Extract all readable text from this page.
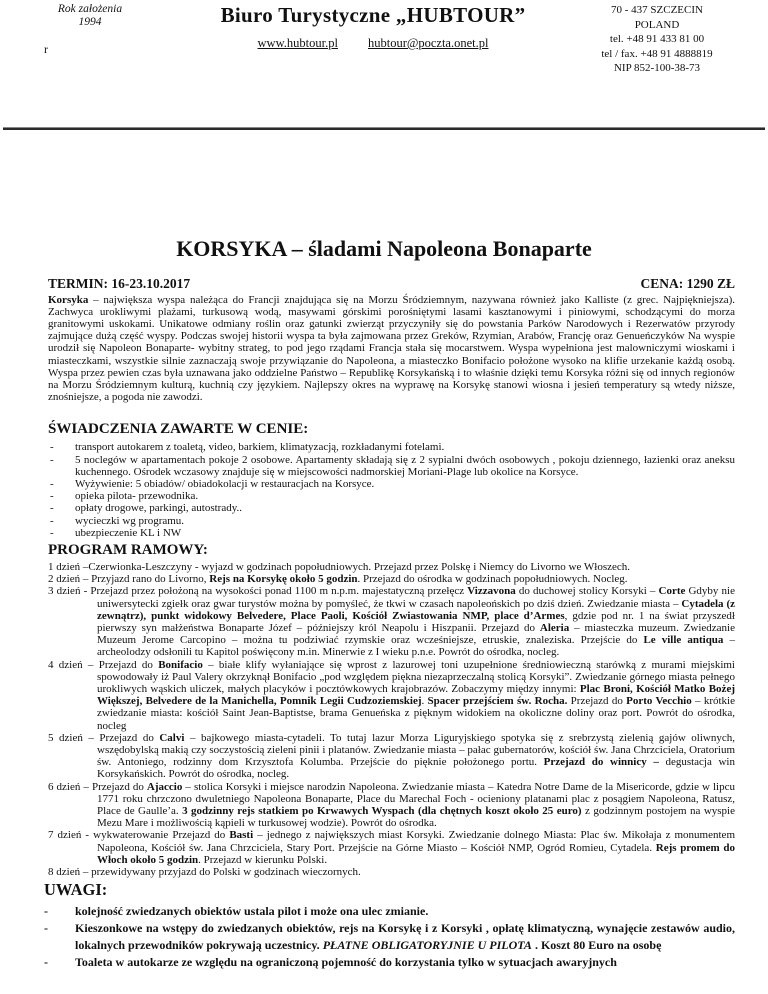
Rok założenia
1994
r
Biuro Turystyczne „HUBTOUR”
www.hubtour.pl hubtour@poczta.onet.pl
70 - 437 SZCZECIN
POLAND
tel. +48 91 433 81 00
tel / fax. +48 91 4888819
NIP 852-100-38-73
KORSYKA – śladami Napoleona Bonaparte
TERMIN: 16-23.10.2017	CENA: 1290 ZŁ

Korsyka – największa wyspa należąca do Francji znajdująca się na Morzu Śródziemnym, nazywana również jako Kalliste (z grec. Najpiękniejsza). Zachwyca urokliwymi plażami, turkusową wodą, masywami górskimi porośniętymi lasami kasztanowymi i piniowymi, schodzącymi do morza granitowymi uskokami. Unikatowe odmiany roślin oraz gatunki zwierząt przyczyniły się do powstania Parków Narodowych i Rezerwatów przyrody zajmujące dużą część wyspy. Podczas swojej historii wyspa ta była zajmowana przez Greków, Rzymian, Arabów, Francję oraz Genueńczyków Na wyspie urodził się Napoleon Bonaparte- wybitny strateg, to pod jego rządami Francja stała się mocarstwem. Wyspa wypełniona jest malowniczymi wioskami i miasteczkami, wszystkie silnie zaznaczają swoje przywiązanie do Napoleona, a miasteczko Bonifacio położone wysoko na klifie urzekanie każdą osobą. Wyspa przez pewien czas była uznawana jako oddzielne Państwo – Republikę Korsykańską i to właśnie dzięki temu Korsyka różni się od innych regionów na Morzu Śródziemnym kulturą, kuchnią czy językiem. Najlepszy okres na wyprawę na Korsykę stanowi wiosna i jesień temperatury są wtedy niższe, znośniejsze, a pogoda nie zawodzi.

ŚWIADCZENIA ZAWARTE W CENIE:
-	transport autokarem z toaletą, video, barkiem, klimatyzacją, rozkładanymi fotelami.
-	5 noclegów w apartamentach pokoje 2 osobowe. Apartamenty składają się z 2 sypialni dwóch osobowych , pokoju dziennego, łazienki oraz aneksu kuchennego. Ośrodek wczasowy znajduje się w miejscowości nadmorskiej Moriani-Plage lub okolice na Korsyce.
-	Wyżywienie: 5 obiadów/ obiadokolacji w restauracjach na Korsyce.
-	opieka pilota- przewodnika.
-	opłaty drogowe, parkingi, autostrady..
-	wycieczki wg programu.
-	ubezpieczenie KL i NW
PROGRAM RAMOWY:
1 dzień –Czerwionka-Leszczyny - wyjazd w godzinach popołudniowych. Przejazd przez Polskę i Niemcy do Livorno we Włoszech.
2 dzień – Przyjazd rano do Livorno, Rejs na Korsykę około 5 godzin. Przejazd do ośrodka w godzinach popołudniowych. Nocleg.
3 dzień - Przejazd przez położoną na wysokości ponad 1100 m n.p.m. majestatyczną przełęcz Vizzavona do duchowej stolicy Korsyki – Corte Gdyby nie uniwersytecki zgiełk oraz gwar turystów można by pomyśleć, że tkwi w czasach napoleońskich po dziś dzień. Zwiedzanie miasta – Cytadela (z zewnątrz), punkt widokowy Belvedere, Place Paoli, Kościół Zwiastowania NMP, place d’Armes, gdzie pod nr. 1 na świat przyszedł pierwszy syn małżeństwa Bonaparte Józef – późniejszy król Neapolu i Hiszpanii. Przejazd do Aleria – miasteczka muzeum. Zwiedzanie Muzeum Jerome Carcopino – można tu podziwiać rzymskie oraz wcześniejsze, etruskie, znaleziska. Przejście do Le ville antiqua – archeolodzy odsłonili tu Kapitol poświęcony m.in. Minerwie z I wieku p.n.e. Powrót do ośrodka, nocleg.
4 dzień – Przejazd do Bonifacio – białe klify wyłaniające się wprost z lazurowej toni uzupełnione średniowieczną starówką z murami miejskimi spowodowały iż Paul Valery okrzyknął Bonifacio „pod względem piękna niezaprzeczalną stolicą Korsyki”. Zwiedzanie górnego miasta pełnego urokliwych wąskich uliczek, małych placyków i pocztówkowych krajobrazów. Zobaczymy między innymi: Plac Broni, Kościół Matko Bożej Większej, Belvedere de la Manichella, Pomnik Legii Cudzoziemskiej. Spacer przejściem św. Rocha. Przejazd do Porto Vecchio – krótkie zwiedzanie miasta: kościół Saint Jean-Baptistse, brama Genueńska z pięknym widokiem na okoliczne doliny oraz port. Powrót do ośrodka, nocleg
5 dzień – Przejazd do Calvi – bajkowego miasta-cytadeli. To tutaj lazur Morza Liguryjskiego spotyka się z srebrzystą zielenią gajów oliwnych, wszędobylską makią czy soczystością zieleni pinii i platanów. Zwiedzanie miasta – pałac gubernatorów, kościół św. Jana Chrzciciela, Oratorium św. Antoniego, rodzinny dom Krzysztofa Kolumba. Przejście do pięknie położonego portu. Przejazd do winnicy – degustacja win Korsykańskich. Powrót do ośrodka, nocleg.
6 dzień – Przejazd do Ajaccio – stolica Korsyki i miejsce narodzin Napoleona. Zwiedzanie miasta – Katedra Notre Dame de la Misericorde, gdzie w lipcu 1771 roku chrzczono dwuletniego Napoleona Bonaparte, Place du Marechal Foch - ocieniony platanami plac z posągiem Napoleona, Ratusz, Place de Gaulle’a. 3 godzinny rejs statkiem po Krwawych Wyspach (dla chętnych koszt około 25 euro) z godzinnym postojem na wyspie Mezu Mare i możliwością kąpieli w turkusowej wodzie). Powrót do ośrodka.
7 dzień - wykwaterowanie Przejazd do Basti – jednego z największych miast Korsyki. Zwiedzanie dolnego Miasta: Plac św. Mikołaja z monumentem Napoleona, Kościół św. Jana Chrzciciela, Stary Port. Przejście na Górne Miasto – Kościół NMP, Ogród Romieu, Cytadela. Rejs promem do Włoch około 5 godzin. Przejazd w kierunku Polski.
8 dzień – przewidywany przyjazd do Polski w godzinach wieczornych.
UWAGI:
-	kolejność zwiedzanych obiektów ustala pilot i może ona ulec zmianie.
-	Kieszonkowe na wstępy do zwiedzanych obiektów, rejs na Korsykę i z Korsyki , opłatę klimatyczną, wynajęcie zestawów audio, lokalnych przewodników pokrywają uczestnicy. PŁATNE OBLIGATORYJNIE U PILOTA . Koszt 80 Euro na osobę
-	Toaleta w autokarze ze względu na ograniczoną pojemność do korzystania tylko w sytuacjach awaryjnych
